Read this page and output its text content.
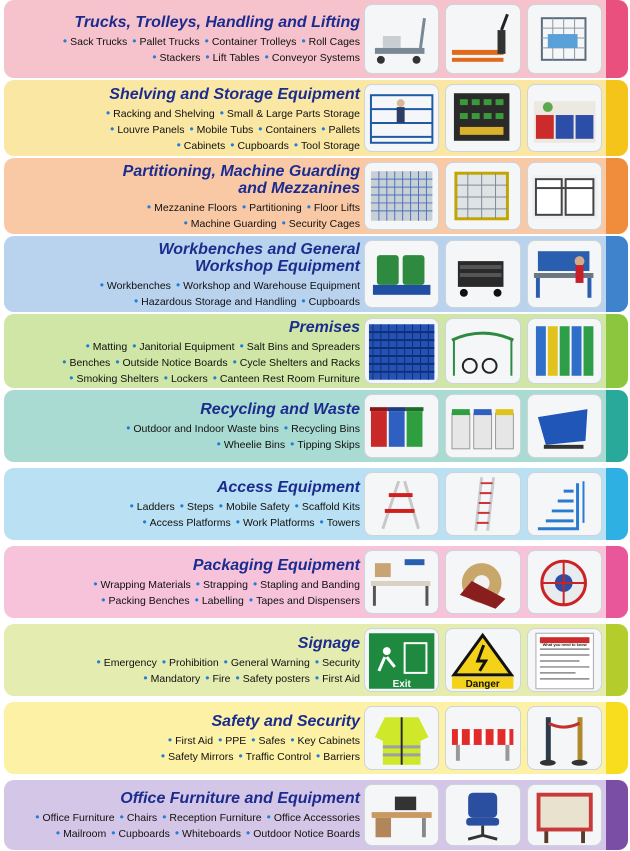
Trucks, Trolleys, Handling and Lifting
• Sack Trucks • Pallet Trucks • Container Trolleys • Roll Cages
• Stackers • Lift Tables • Conveyor Systems
Shelving and Storage Equipment
• Racking and Shelving • Small & Large Parts Storage
• Louvre Panels • Mobile Tubs • Containers • Pallets
• Cabinets • Cupboards • Tool Storage
Partitioning, Machine Guarding
and Mezzanines
• Mezzanine Floors • Partitioning • Floor Lifts
• Machine Guarding • Security Cages
Workbenches and General
Workshop Equipment
• Workbenches • Workshop and Warehouse Equipment
• Hazardous Storage and Handling • Cupboards
Premises
• Matting • Janitorial Equipment • Salt Bins and Spreaders
• Benches • Outside Notice Boards • Cycle Shelters and Racks
• Smoking Shelters • Lockers • Canteen Rest Room Furniture
Recycling and Waste
• Outdoor and Indoor Waste bins • Recycling Bins
• Wheelie Bins • Tipping Skips
Access Equipment
• Ladders • Steps • Mobile Safety • Scaffold Kits
• Access Platforms • Work Platforms • Towers
Packaging Equipment
• Wrapping Materials • Strapping • Stapling and Banding
• Packing Benches • Labelling • Tapes and Dispensers
Signage
• Emergency • Prohibition • General Warning • Security
• Mandatory • Fire • Safety posters • First Aid	Exit	Danger
What you need to know
Safety and Security
• First Aid • PPE • Safes • Key Cabinets
• Safety Mirrors • Traffic Control • Barriers
Office Furniture and Equipment
• Office Furniture • Chairs • Reception Furniture • Office Accessories
• Mailroom • Cupboards • Whiteboards • Outdoor Notice Boards
